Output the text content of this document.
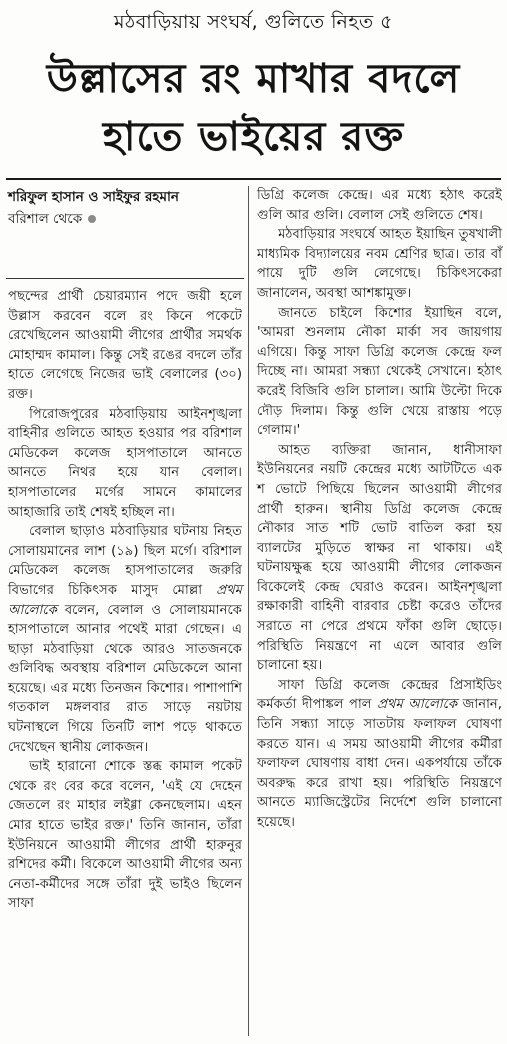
মঠবাড়িয়ায় সংঘর্ষ, গুলিতে নিহত ৫
উল্লাসের রং মাখার বদলে
হাতে ভাইয়ের রক্ত
শরিফুল হাসান ও সাইফুর রহমান
বরিশাল থেকে

পছন্দের প্রার্থী চেয়ারম্যান পদে জয়ী হলে উল্লাস করবেন বলে রং কিনে পকেটে রেখেছিলেন আওয়ামী লীগের প্রার্থীর সমর্থক মোহাম্মদ কামাল। কিন্তু সেই রঙের বদলে তাঁর হাতে লেগেছে নিজের ভাই বেলালের (৩০) রক্ত।

পিরোজপুরের মঠবাড়িয়ায় আইনশৃঙ্খলা বাহিনীর গুলিতে আহত হওয়ার পর বরিশাল মেডিকেল কলেজ হাসপাতালে আনতে আনতে নিথর হয়ে যান বেলাল। হাসপাতালের মর্গের সামনে কামালের আহাজারি তাই শেষই হচ্ছিল না।

বেলাল ছাড়াও মঠবাড়িয়ার ঘটনায় নিহত সোলায়মানের লাশ (১৯) ছিল মর্গে। বরিশাল মেডিকেল কলেজ হাসপাতালের জরুরি বিভাগের চিকিৎসক মাসুদ মোল্লা প্রথম আলোকে বলেন, বেলাল ও সোলায়মানকে হাসপাতালে আনার পথেই মারা গেছেন। এ ছাড়া মঠবাড়িয়া থেকে আরও সাতজনকে গুলিবিদ্ধ অবস্থায় বরিশাল মেডিকেলে আনা হয়েছে। এর মধ্যে তিনজন কিশোর। পাশাপাশি গতকাল মঙ্গলবার রাত সাড়ে নয়টায় ঘটনাস্থলে গিয়ে তিনটি লাশ পড়ে থাকতে দেখেছেন স্থানীয় লোকজন।

ভাই হারানো শোকে স্তব্ধ কামাল পকেট থেকে রং বের করে বলেন, 'এই যে দেহেন জেতলে রং মাহার লইগ্গা কেনছেলাম। এহন মোর হাতে ভাইর রক্ত।' তিনি জানান, তাঁরা ইউনিয়নে আওয়ামী লীগের প্রার্থী হারুনুর রশিদের কর্মী। বিকেলে আওয়ামী লীগের অন্য নেতা-কর্মীদের সঙ্গে তাঁরা দুই ভাইও ছিলেন সাফা

ডিগ্রি কলেজ কেন্দ্রে। এর মধ্যে হঠাৎ করেই গুলি আর গুলি। বেলাল সেই গুলিতে শেষ।

মঠবাড়িয়ার সংঘর্ষে আহত ইয়াছিন তুষখালী মাধ্যমিক বিদ্যালয়ের নবম শ্রেণির ছাত্র। তার বাঁ পায়ে দুটি গুলি লেগেছে। চিকিৎসকেরা জানালেন, অবস্থা আশঙ্কামুক্ত।

জানতে চাইলে কিশোর ইয়াছিন বলে, 'আমরা শুনলাম নৌকা মার্কা সব জায়গায় এগিয়ে। কিন্তু সাফা ডিগ্রি কলেজ কেন্দ্রে ফল দিচ্ছে না। আমরা সন্ধ্যা থেকেই সেখানে। হঠাৎ করেই বিজিবি গুলি চালাল। আমি উল্টো দিকে দৌড় দিলাম। কিন্তু গুলি খেয়ে রাস্তায় পড়ে গেলাম।'

আহত ব্যক্তিরা জানান, ধানীসাফা ইউনিয়নের নয়টি কেন্দ্রের মধ্যে আটটিতে এক শ ভোটে পিছিয়ে ছিলেন আওয়ামী লীগের প্রার্থী হারুন। স্থানীয় ডিগ্রি কলেজ কেন্দ্রে নৌকার সাত শটি ভোট বাতিল করা হয় ব্যালটের মুড়িতে স্বাক্ষর না থাকায়। এই ঘটনায়ক্ষুব্ধ হয়ে আওয়ামী লীগের লোকজন বিকেলেই কেন্দ্র ঘেরাও করেন। আইনশৃঙ্খলা রক্ষাকারী বাহিনী বারবার চেষ্টা করেও তাঁদের সরাতে না পেরে প্রথমে ফাঁকা গুলি ছোড়ে। পরিস্থিতি নিয়ন্ত্রণে না এলে আবার গুলি চালানো হয়।

সাফা ডিগ্রি কলেজ কেন্দ্রের প্রিসাইডিং কর্মকর্তা দীপাঙ্কল পাল প্রথম আলোকে জানান, তিনি সন্ধ্যা সাড়ে সাতটায় ফলাফল ঘোষণা করতে যান। এ সময় আওয়ামী লীগের কর্মীরা ফলাফল ঘোষণায় বাধা দেন। একপর্যায়ে তাঁকে অবরুদ্ধ করে রাখা হয়। পরিস্থিতি নিয়ন্ত্রণে আনতে ম্যাজিস্ট্রেটের নির্দেশে গুলি চালানো হয়েছে।
